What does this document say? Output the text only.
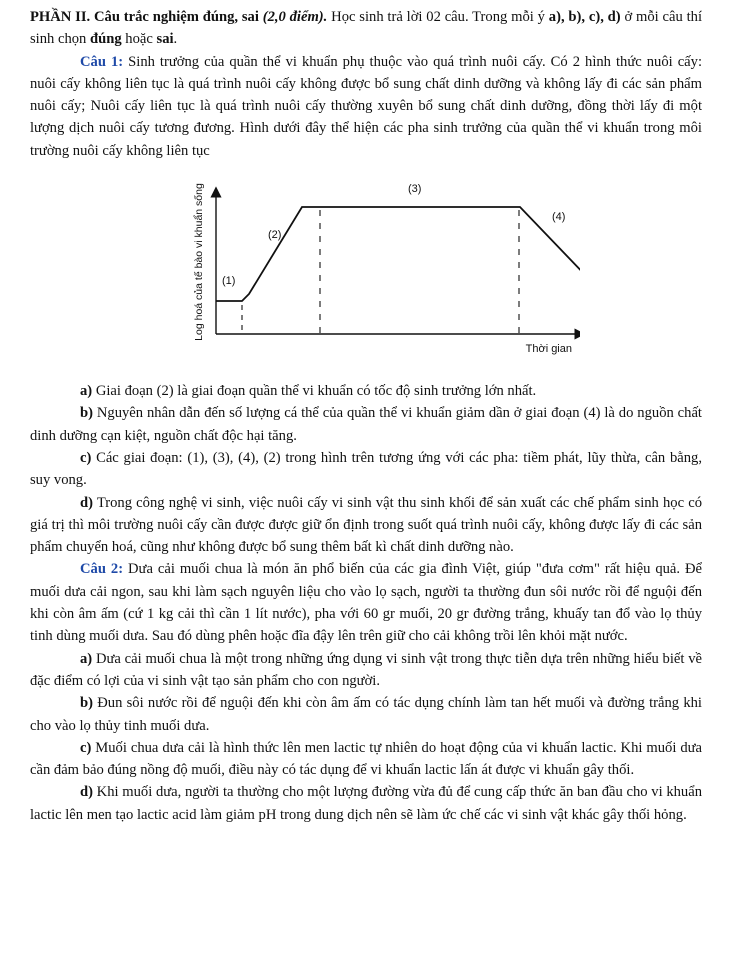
PHẦN II. Câu trắc nghiệm đúng, sai (2,0 điểm). Học sinh trả lời 02 câu. Trong mỗi ý a), b), c), d) ở mỗi câu thí sinh chọn đúng hoặc sai.

Câu 1: Sinh trưởng của quần thể vi khuẩn phụ thuộc vào quá trình nuôi cấy. Có 2 hình thức nuôi cấy: nuôi cấy không liên tục là quá trình nuôi cấy không được bổ sung chất dinh dưỡng và không lấy đi các sản phẩm nuôi cấy; Nuôi cấy liên tục là quá trình nuôi cấy thường xuyên bổ sung chất dinh dưỡng, đồng thời lấy đi một lượng dịch nuôi cấy tương đương. Hình dưới đây thể hiện các pha sinh trưởng của quần thể vi khuẩn trong môi trường nuôi cấy không liên tục

Log hoá của tế bào vi khuẩn sống
Thời gian
(1)
(2)
(3)
(4)

a) Giai đoạn (2) là giai đoạn quần thể vi khuẩn có tốc độ sinh trưởng lớn nhất.

b) Nguyên nhân dẫn đến số lượng cá thể của quần thể vi khuẩn giảm dần ở giai đoạn (4) là do nguồn chất dinh dưỡng cạn kiệt, nguồn chất độc hại tăng.

c) Các giai đoạn: (1), (3), (4), (2) trong hình trên tương ứng với các pha: tiềm phát, lũy thừa, cân bằng, suy vong.

d) Trong công nghệ vi sinh, việc nuôi cấy vi sinh vật thu sinh khối để sản xuất các chế phẩm sinh học có giá trị thì môi trường nuôi cấy cần được được giữ ổn định trong suốt quá trình nuôi cấy, không được lấy đi các sản phẩm chuyển hoá, cũng như không được bổ sung thêm bất kì chất dinh dưỡng nào.

Câu 2: Dưa cải muối chua là món ăn phổ biến của các gia đình Việt, giúp "đưa cơm" rất hiệu quả. Để muối dưa cải ngon, sau khi làm sạch nguyên liệu cho vào lọ sạch, người ta thường đun sôi nước rồi để nguội đến khi còn âm ấm (cứ 1 kg cải thì cần 1 lít nước), pha với 60 gr muối, 20 gr đường trắng, khuấy tan đổ vào lọ thủy tinh dùng muối dưa. Sau đó dùng phên hoặc đĩa đậy lên trên giữ cho cải không trồi lên khỏi mặt nước.

a) Dưa cải muối chua là một trong những ứng dụng vi sinh vật trong thực tiễn dựa trên những hiểu biết về đặc điểm có lợi của vi sinh vật tạo sản phẩm cho con người.

b) Đun sôi nước rồi để nguội đến khi còn âm ấm có tác dụng chính làm tan hết muối và đường trắng khi cho vào lọ thủy tinh muối dưa.

c) Muối chua dưa cải là hình thức lên men lactic tự nhiên do hoạt động của vi khuẩn lactic. Khi muối dưa cần đảm bảo đúng nồng độ muối, điều này có tác dụng để vi khuẩn lactic lấn át được vi khuẩn gây thối.

d) Khi muối dưa, người ta thường cho một lượng đường vừa đủ để cung cấp thức ăn ban đầu cho vi khuẩn lactic lên men tạo lactic acid làm giảm pH trong dung dịch nên sẽ làm ức chế các vi sinh vật khác gây thối hỏng.
